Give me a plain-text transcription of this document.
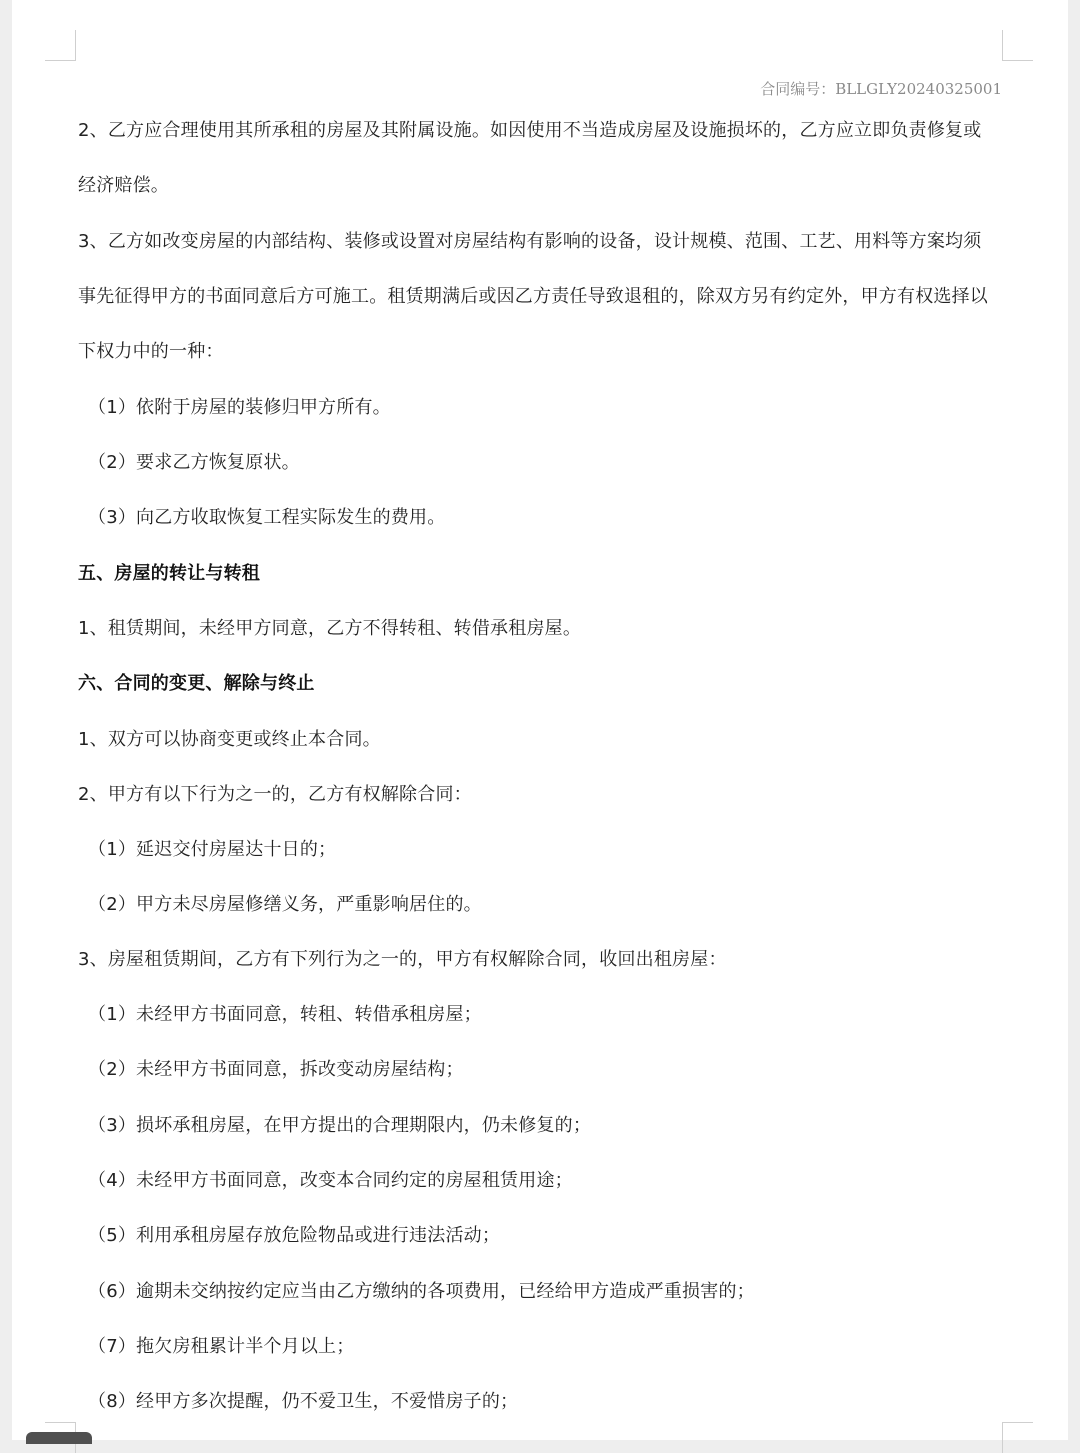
合同编号：BLLGLY20240325001
2、乙方应合理使用其所承租的房屋及其附属设施。如因使用不当造成房屋及设施损坏的，乙方应立即负责修复或
经济赔偿。
3、乙方如改变房屋的内部结构、装修或设置对房屋结构有影响的设备，设计规模、范围、工艺、用料等方案均须
事先征得甲方的书面同意后方可施工。租赁期满后或因乙方责任导致退租的，除双方另有约定外，甲方有权选择以
下权力中的一种：
（1）依附于房屋的装修归甲方所有。
（2）要求乙方恢复原状。
（3）向乙方收取恢复工程实际发生的费用。
五、房屋的转让与转租
1、租赁期间，未经甲方同意，乙方不得转租、转借承租房屋。
六、合同的变更、解除与终止
1、双方可以协商变更或终止本合同。
2、甲方有以下行为之一的，乙方有权解除合同：
（1）延迟交付房屋达十日的；
（2）甲方未尽房屋修缮义务，严重影响居住的。
3、房屋租赁期间，乙方有下列行为之一的，甲方有权解除合同，收回出租房屋：
（1）未经甲方书面同意，转租、转借承租房屋；
（2）未经甲方书面同意，拆改变动房屋结构；
（3）损坏承租房屋，在甲方提出的合理期限内，仍未修复的；
（4）未经甲方书面同意，改变本合同约定的房屋租赁用途；
（5）利用承租房屋存放危险物品或进行违法活动；
（6）逾期未交纳按约定应当由乙方缴纳的各项费用，已经给甲方造成严重损害的；
（7）拖欠房租累计半个月以上；
（8）经甲方多次提醒，仍不爱卫生，不爱惜房子的；
